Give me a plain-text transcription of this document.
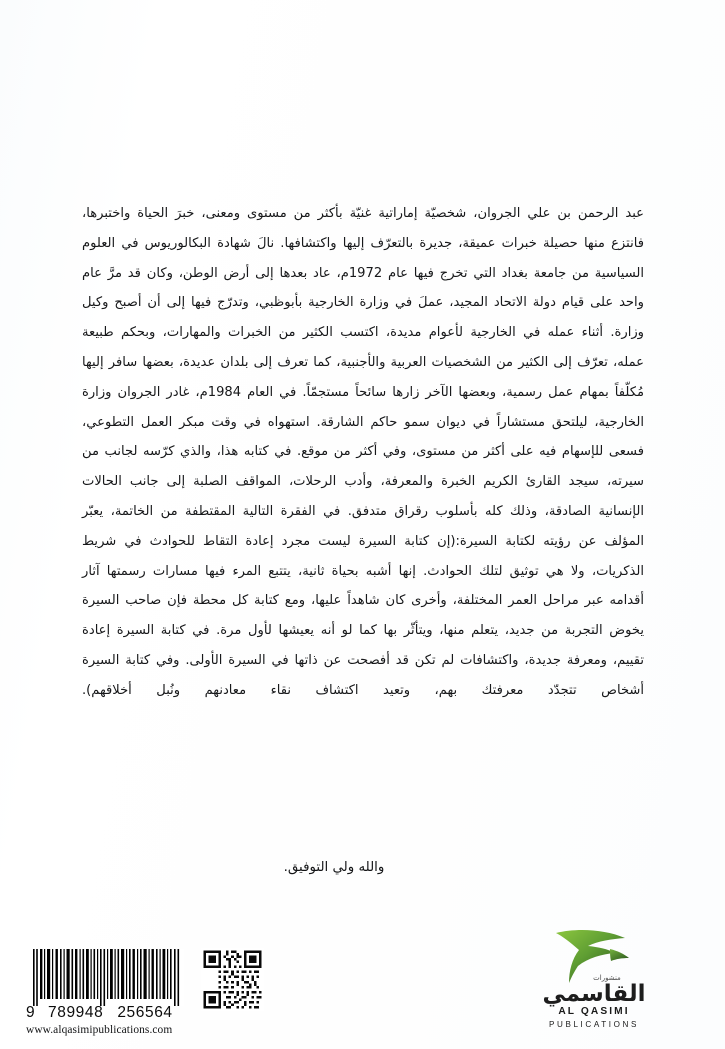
عبد الرحمن بن علي الجروان، شخصيّة إماراتية غنيّة بأكثر من مستوى ومعنى، خبرَ الحياة واختبرها، فانتزع منها حصيلة خبرات عميقة، جديرة بالتعرّف إليها واكتشافها. نالَ شهادة البكالوريوس في العلوم السياسية من جامعة بغداد التي تخرج فيها عام 1972م، عاد بعدها إلى أرض الوطن، وكان قد مرَّ عام واحد على قيام دولة الاتحاد المجيد، عملَ في وزارة الخارجية بأبوظبي، وتدرّج فيها إلى أن أصبح وكيل وزارة. أثناء عمله في الخارجية لأعوام مديدة، اكتسب الكثير من الخبرات والمهارات، وبحكم طبيعة عمله، تعرّف إلى الكثير من الشخصيات العربية والأجنبية، كما تعرف إلى بلدان عديدة، بعضها سافر إليها مُكلّفاً بمهام عمل رسمية، وبعضها الآخر زارها سائحاً مستجمّاً. في العام 1984م، غادر الجروان وزارة الخارجية، ليلتحق مستشاراً في ديوان سمو حاكم الشارقة. استهواه في وقت مبكر العمل التطوعي، فسعى للإسهام فيه على أكثر من مستوى، وفي أكثر من موقع. في كتابه هذا، والذي كرّسه لجانب من سيرته، سيجد القارئ الكريم الخبرة والمعرفة، وأدب الرحلات، المواقف الصلبة إلى جانب الحالات الإنسانية الصادقة، وذلك كله بأسلوب رقراق متدفق. في الفقرة التالية المقتطفة من الخاتمة، يعبّر المؤلف عن رؤيته لكتابة السيرة:(إن كتابة السيرة ليست مجرد إعادة التقاط للحوادث في شريط الذكريات، ولا هي توثيق لتلك الحوادث. إنها أشبه بحياة ثانية، يتتبع المرء فيها مسارات رسمتها آثار أقدامه عبر مراحل العمر المختلفة، وأخرى كان شاهداً عليها، ومع كتابة كل محطة فإن صاحب السيرة يخوض التجربة من جديد، يتعلم منها، ويتأثّر بها كما لو أنه يعيشها لأول مرة. في كتابة السيرة إعادة تقييم، ومعرفة جديدة، واكتشافات لم تكن قد أفصحت عن ذاتها في السيرة الأولى. وفي كتابة السيرة أشخاص تتجدّد معرفتك بهم، وتعيد اكتشاف نقاء معادنهم ونُبل أخلاقهم).

والله ولي التوفيق.
9 789948 256564
www.alqasimipublications.com
منشورات
القاسمي
AL QASIMI
PUBLICATIONS
